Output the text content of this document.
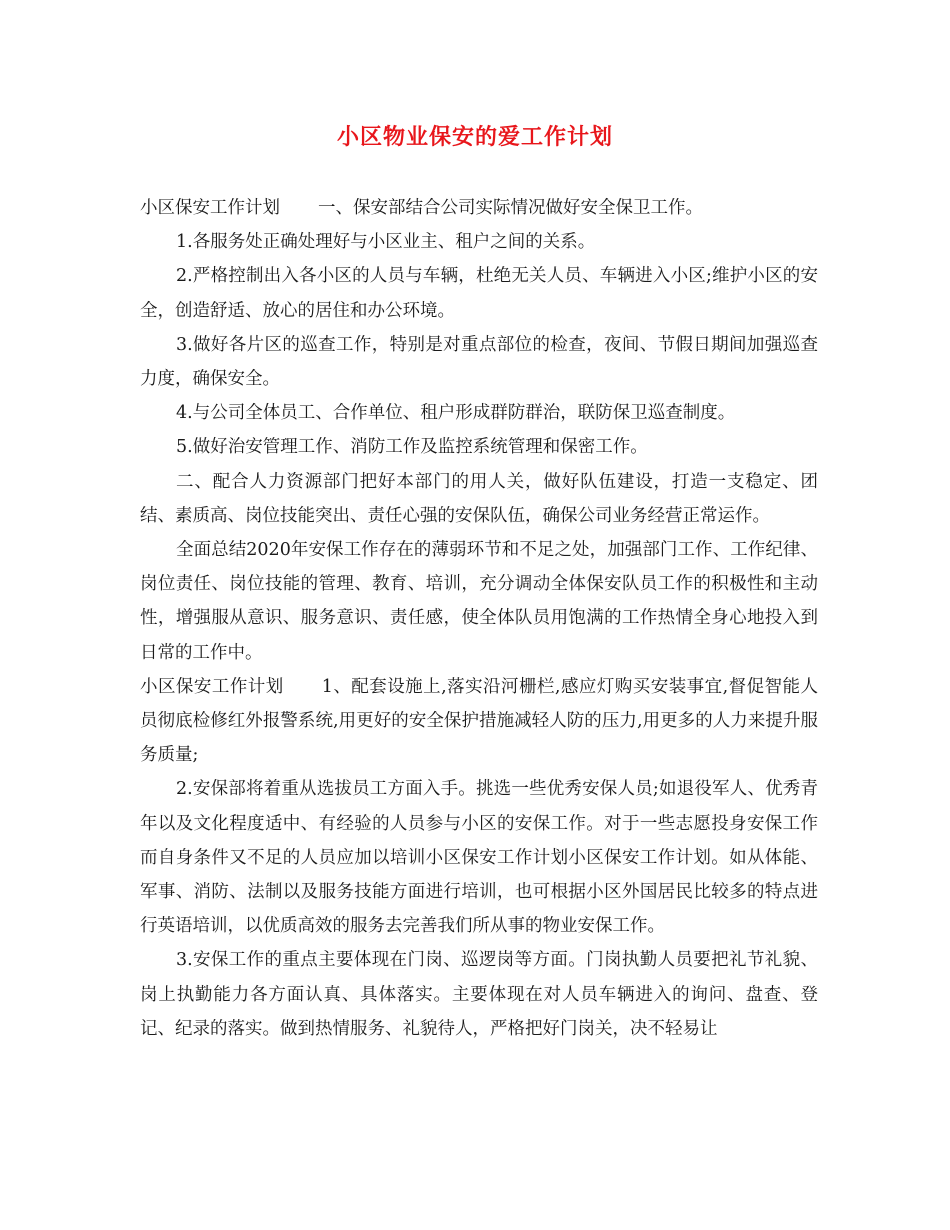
小区物业保安的爱工作计划

小区保安工作计划 一、保安部结合公司实际情况做好安全保卫工作。

1.各服务处正确处理好与小区业主、租户之间的关系。

2.严格控制出入各小区的人员与车辆，杜绝无关人员、车辆进入小区;维护小区的安全，创造舒适、放心的居住和办公环境。

3.做好各片区的巡查工作，特别是对重点部位的检查，夜间、节假日期间加强巡查力度，确保安全。

4.与公司全体员工、合作单位、租户形成群防群治，联防保卫巡查制度。

5.做好治安管理工作、消防工作及监控系统管理和保密工作。

二、配合人力资源部门把好本部门的用人关，做好队伍建设，打造一支稳定、团结、素质高、岗位技能突出、责任心强的安保队伍，确保公司业务经营正常运作。

全面总结2020年安保工作存在的薄弱环节和不足之处，加强部门工作、工作纪律、岗位责任、岗位技能的管理、教育、培训，充分调动全体保安队员工作的积极性和主动性，增强服从意识、服务意识、责任感，使全体队员用饱满的工作热情全身心地投入到日常的工作中。

小区保安工作计划 1、配套设施上,落实沿河栅栏,感应灯购买安装事宜,督促智能人员彻底检修红外报警系统,用更好的安全保护措施减轻人防的压力,用更多的人力来提升服务质量;

2.安保部将着重从选拔员工方面入手。挑选一些优秀安保人员;如退役军人、优秀青年以及文化程度适中、有经验的人员参与小区的安保工作。对于一些志愿投身安保工作而自身条件又不足的人员应加以培训小区保安工作计划小区保安工作计划。如从体能、军事、消防、法制以及服务技能方面进行培训，也可根据小区外国居民比较多的特点进行英语培训，以优质高效的服务去完善我们所从事的物业安保工作。

3.安保工作的重点主要体现在门岗、巡逻岗等方面。门岗执勤人员要把礼节礼貌、岗上执勤能力各方面认真、具体落实。主要体现在对人员车辆进入的询问、盘查、登记、纪录的落实。做到热情服务、礼貌待人，严格把好门岗关，决不轻易让
